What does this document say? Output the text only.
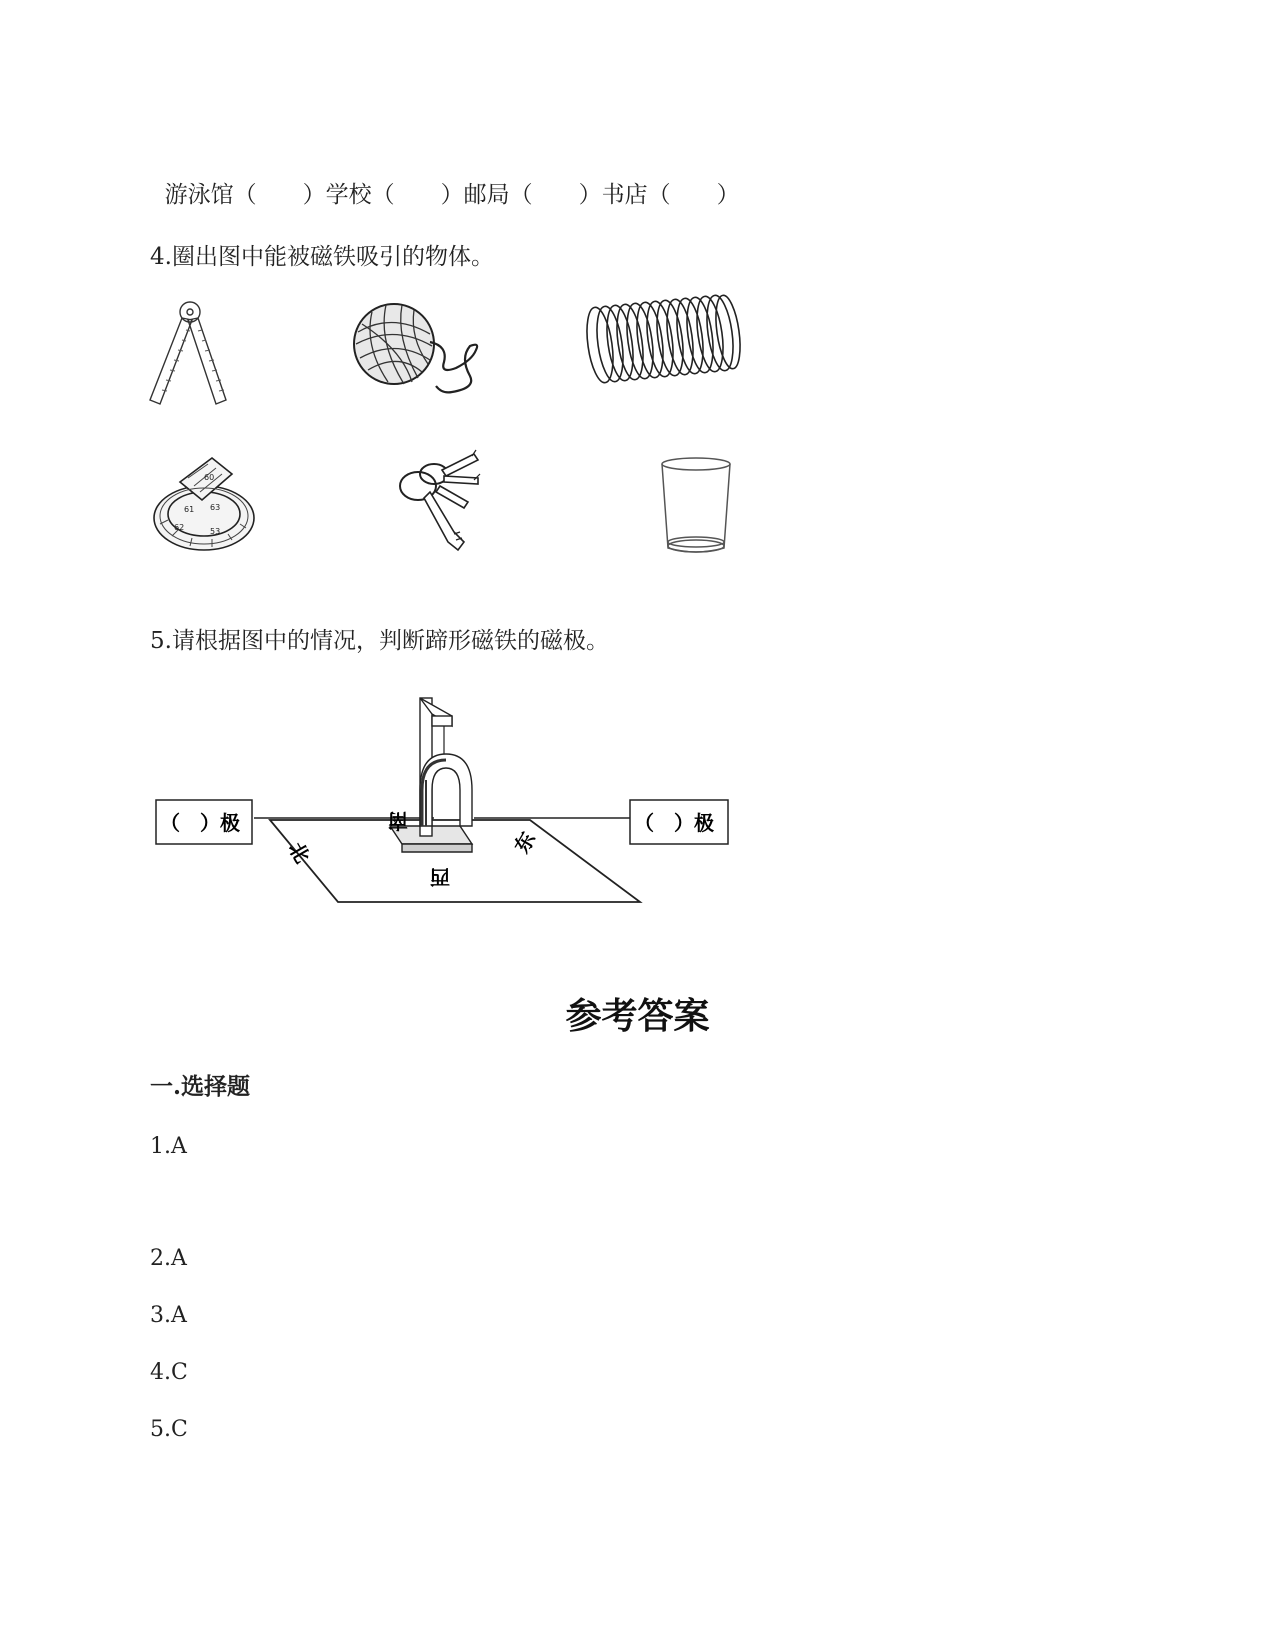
游泳馆（　　）学校（　　）邮局（　　）书店（　　）

4.圈出图中能被磁铁吸引的物体。
60
61 63
62	53
5.请根据图中的情况，判断蹄形磁铁的磁极。
（　）极	（　）极
北
南
西
东
参考答案
一.选择题
1.A
2.A
3.A
4.C
5.C
